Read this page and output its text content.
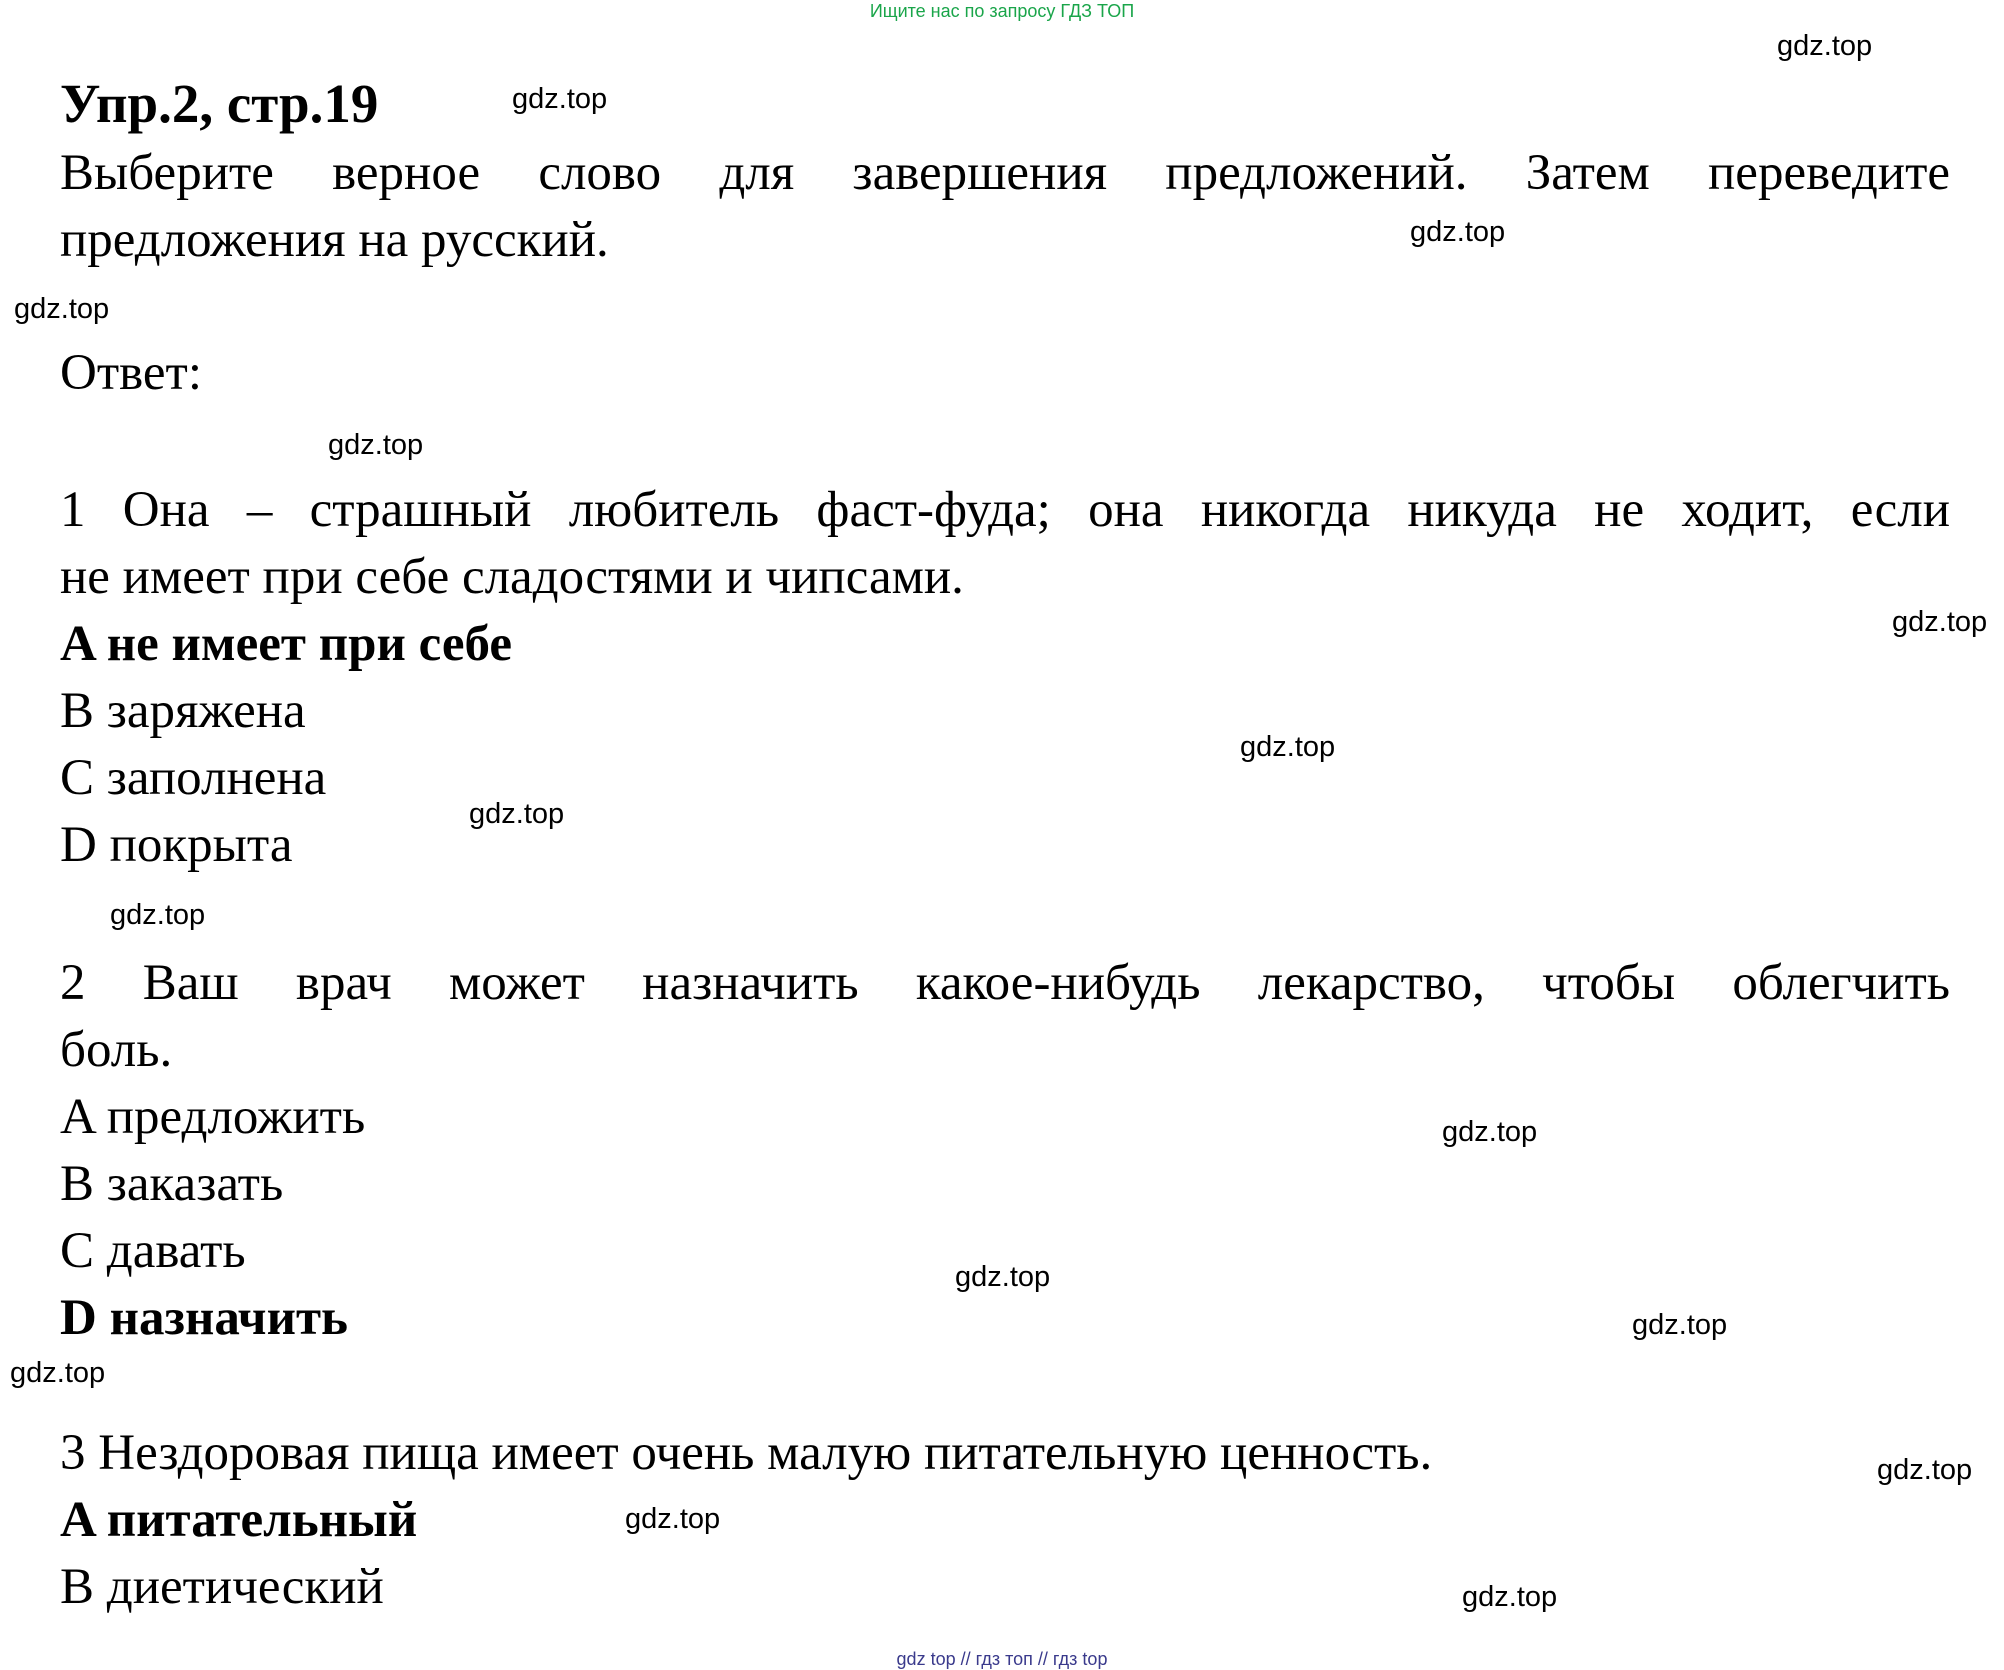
Ищите нас по запросу ГДЗ ТОП
Упр.2, стр.19
Выберите верное слово для завершения предложений. Затем переведите
предложения на русский.
Ответ:
1 Она – страшный любитель фаст-фуда; она никогда никуда не ходит, если
не имеет при себе сладостями и чипсами.
A не имеет при себе
B заряжена
C заполнена
D покрыта
2 Ваш врач может назначить какое-нибудь лекарство, чтобы облегчить
боль.
A предложить
B заказать
C давать
D назначить
3 Нездоровая пища имеет очень малую питательную ценность.
A питательный
B диетический
gdz.top
gdz.top
gdz.top
gdz.top
gdz.top
gdz.top
gdz.top
gdz.top
gdz.top
gdz.top
gdz.top
gdz.top
gdz.top
gdz.top
gdz.top
gdz.top
gdz top // гдз топ // гдз top
